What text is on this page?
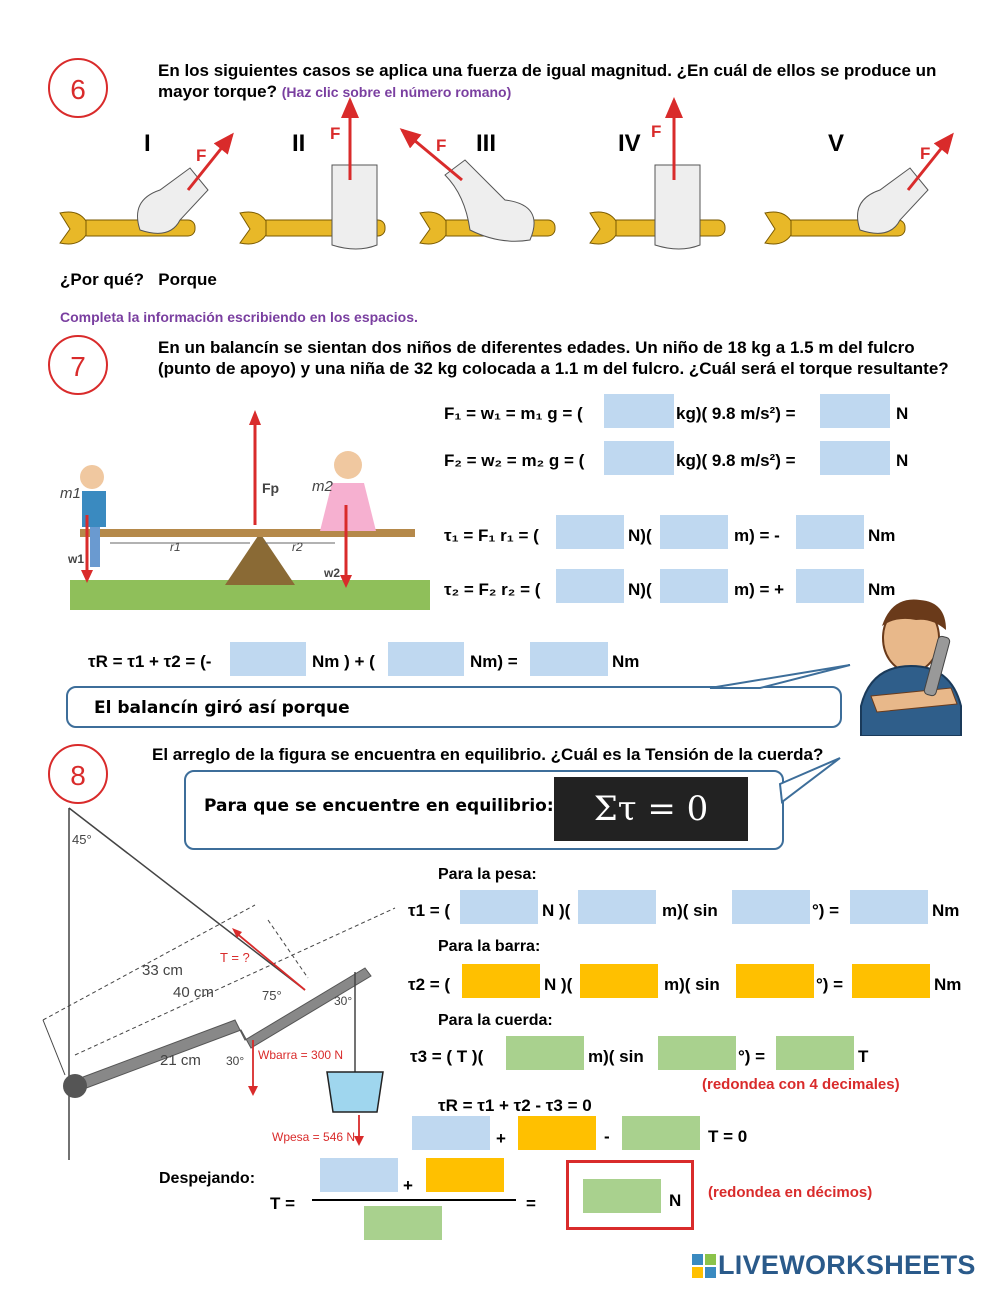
6
En los siguientes casos se aplica una fuerza de igual magnitud. ¿En cuál de ellos se produce un mayor torque? (Haz clic sobre el número romano)
I	II	III	IV	V
F
F
F
F
F
¿Por qué? Porque
Completa la información escribiendo en los espacios.
7
En un balancín se sientan dos niños de diferentes edades. Un niño de 18 kg a 1.5 m del fulcro (punto de apoyo) y una niña de 32 kg colocada a 1.1 m del fulcro. ¿Cuál será el torque resultante?
m1	m2
w1
w2
Fp
r1	r2
F₁ = w₁ = m₁ g = (	kg)( 9.8 m/s²) =	N
F₂ = w₂ = m₂ g = (	kg)( 9.8 m/s²) =	N
τ₁ = F₁ r₁ = (	N)(	m) = -	Nm
τ₂ = F₂ r₂ = (	N)(	m) = +	Nm
τR = τ1 + τ2 = (-	Nm ) + (	Nm) =	Nm
El balancín giró así porque
8
El arreglo de la figura se encuentra en equilibrio. ¿Cuál es la Tensión de la cuerda?
Para que se encuentre en equilibrio:	Στ = 0
45°
T = ?
33 cm
40 cm
21 cm
75°	30°
30° Wbarra = 300 N
Wpesa = 546 N
Para la pesa:
τ1 = (	N )(	m)( sin	°) =	Nm
Para la barra:
τ2 = (	N )(	m)( sin	°) =	Nm
Para la cuerda:
τ3 = ( T )(	m)( sin	°) =	T
(redondea con 4 decimales)
τR = τ1 + τ2 - τ3 = 0
+	-	T = 0
Despejando:
T =
+
=	N (redondea en décimos)
LIVEWORKSHEETS
